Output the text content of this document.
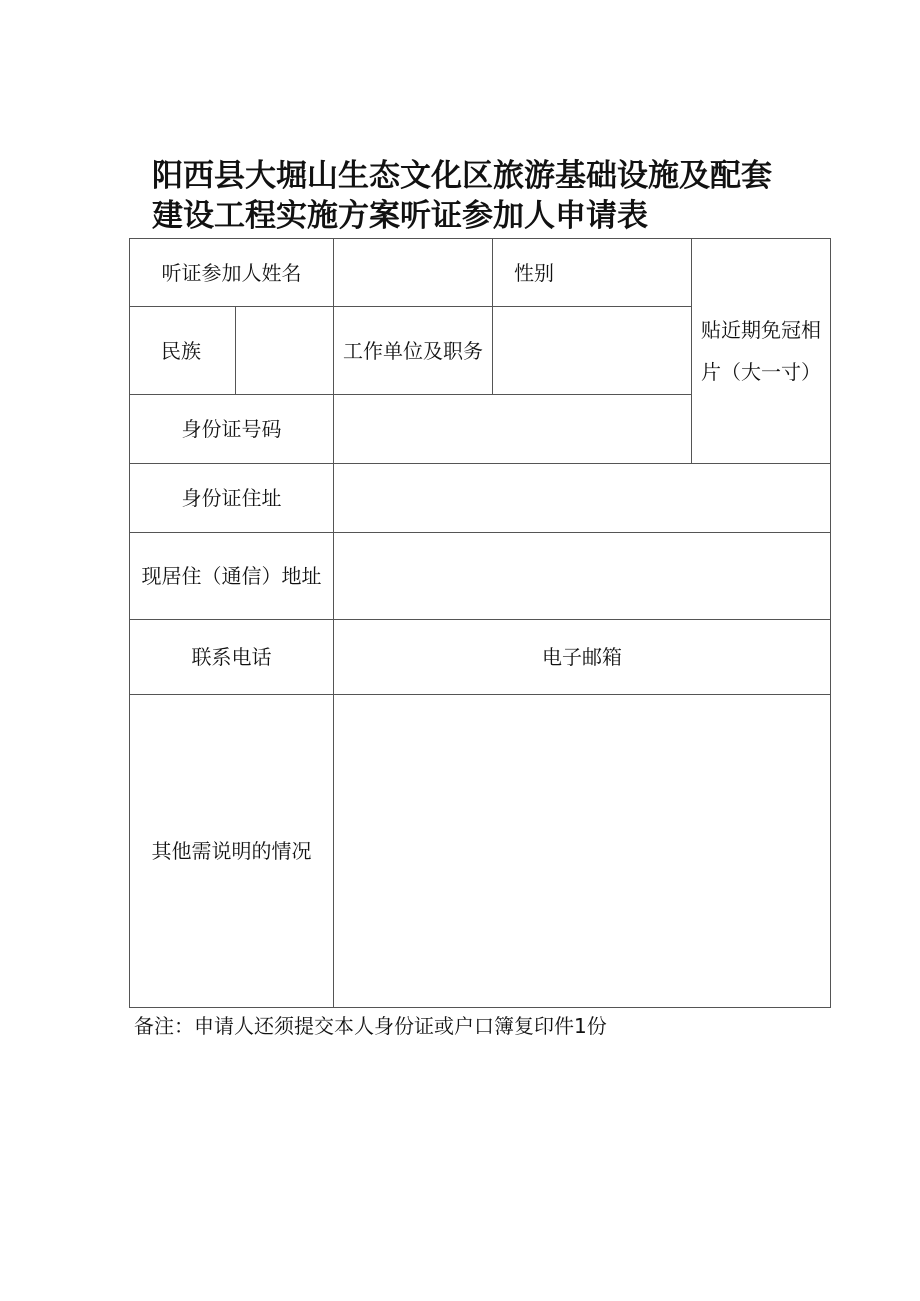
阳西县大堀山生态文化区旅游基础设施及配套
建设工程实施方案听证参加人申请表
听证参加人姓名	性别
贴近期免冠相片（大一寸）
民族	工作单位及职务
身份证号码
身份证住址
现居住（通信）地址
联系电话	电子邮箱
其他需说明的情况
备注：申请人还须提交本人身份证或户口簿复印件1份
